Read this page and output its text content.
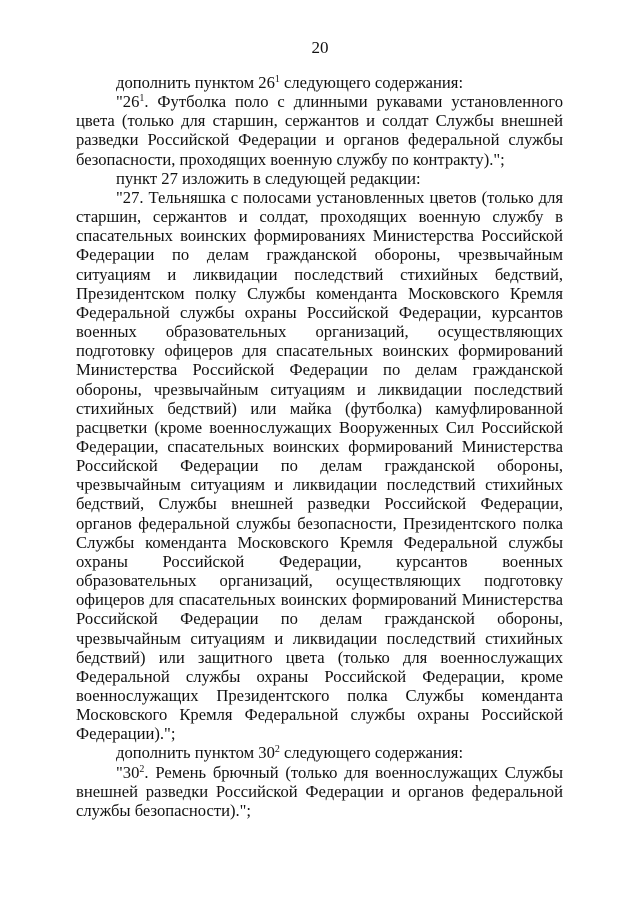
20

дополнить пунктом $26^1$ следующего содержания:

"$26^1$. Футболка поло с длинными рукавами установленного цвета (только для старшин, сержантов и солдат Службы внешней разведки Российской Федерации и органов федеральной службы безопасности, проходящих военную службу по контракту).";

пункт 27 изложить в следующей редакции:

"27. Тельняшка с полосами установленных цветов (только для старшин, сержантов и солдат, проходящих военную службу в спасательных воинских формированиях Министерства Российской Федерации по делам гражданской обороны, чрезвычайным ситуациям и ликвидации последствий стихийных бедствий, Президентском полку Службы коменданта Московского Кремля Федеральной службы охраны Российской Федерации, курсантов военных образовательных организаций, осуществляющих подготовку офицеров для спасательных воинских формирований Министерства Российской Федерации по делам гражданской обороны, чрезвычайным ситуациям и ликвидации последствий стихийных бедствий) или майка (футболка) камуфлированной расцветки (кроме военнослужащих Вооруженных Сил Российской Федерации, спасательных воинских формирований Министерства Российской Федерации по делам гражданской обороны, чрезвычайным ситуациям и ликвидации последствий стихийных бедствий, Службы внешней разведки Российской Федерации, органов федеральной службы безопасности, Президентского полка Службы коменданта Московского Кремля Федеральной службы охраны Российской Федерации, курсантов военных образовательных организаций, осуществляющих подготовку офицеров для спасательных воинских формирований Министерства Российской Федерации по делам гражданской обороны, чрезвычайным ситуациям и ликвидации последствий стихийных бедствий) или защитного цвета (только для военнослужащих Федеральной службы охраны Российской Федерации, кроме военнослужащих Президентского полка Службы коменданта Московского Кремля Федеральной службы охраны Российской Федерации).";

дополнить пунктом $30^2$ следующего содержания:

"$30^2$. Ремень брючный (только для военнослужащих Службы внешней разведки Российской Федерации и органов федеральной службы безопасности).";
